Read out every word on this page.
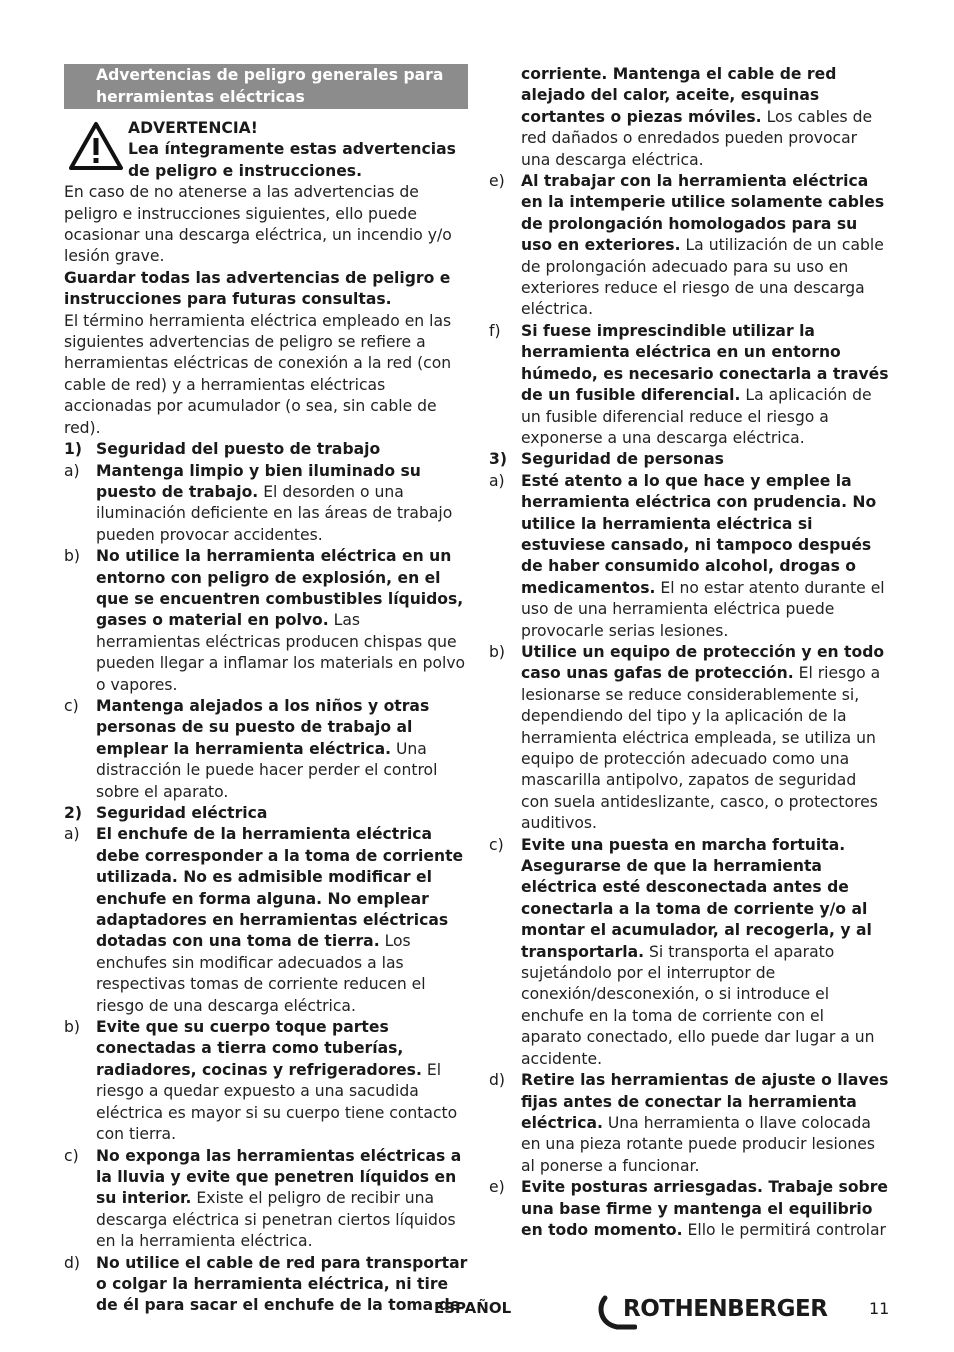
Advertencias de peligro generales para herramientas eléctricas

ADVERTENCIA!

Lea íntegramente estas advertencias de peligro e instrucciones.

En caso de no atenerse a las advertencias de peligro e instrucciones siguientes, ello puede ocasionar una descarga eléctrica, un incendio y/o lesión grave.

Guardar todas las advertencias de peligro e instrucciones para futuras consultas.

El término herramienta eléctrica empleado en las siguientes advertencias de peligro se refiere a herramientas eléctricas de conexión a la red (con cable de red) y a herramientas eléctricas accionadas por acumulador (o sea, sin cable de red).

1) Seguridad del puesto de trabajo
a) Mantenga limpio y bien iluminado su puesto de trabajo. El desorden o una iluminación deficiente en las áreas de trabajo pueden provocar accidentes.
b) No utilice la herramienta eléctrica en un entorno con peligro de explosión, en el que se encuentren combustibles líquidos, gases o material en polvo. Las herramientas eléctricas producen chispas que pueden llegar a inflamar los materials en polvo o vapores.
c) Mantenga alejados a los niños y otras personas de su puesto de trabajo al emplear la herramienta eléctrica. Una distracción le puede hacer perder el control sobre el aparato.
2) Seguridad eléctrica
a) El enchufe de la herramienta eléctrica debe corresponder a la toma de corriente utilizada. No es admisible modificar el enchufe en forma alguna. No emplear adaptadores en herramientas eléctricas dotadas con una toma de tierra. Los enchufes sin modificar adecuados a las respectivas tomas de corriente reducen el riesgo de una descarga eléctrica.
b) Evite que su cuerpo toque partes conectadas a tierra como tuberías, radiadores, cocinas y refrigeradores. El riesgo a quedar expuesto a una sacudida eléctrica es mayor si su cuerpo tiene contacto con tierra.
c) No exponga las herramientas eléctricas a la lluvia y evite que penetren líquidos en su interior. Existe el peligro de recibir una descarga eléctrica si penetran ciertos líquidos en la herramienta eléctrica.
d) No utilice el cable de red para transportar o colgar la herramienta eléctrica, ni tire de él para sacar el enchufe de la toma de
corriente. Mantenga el cable de red alejado del calor, aceite, esquinas cortantes o piezas móviles. Los cables de red dañados o enredados pueden provocar una descarga eléctrica.
e) Al trabajar con la herramienta eléctrica en la intemperie utilice solamente cables de prolongación homologados para su uso en exteriores. La utilización de un cable de prolongación adecuado para su uso en exteriores reduce el riesgo de una descarga eléctrica.
f) Si fuese imprescindible utilizar la herramienta eléctrica en un entorno húmedo, es necesario conectarla a través de un fusible diferencial. La aplicación de un fusible diferencial reduce el riesgo a exponerse a una descarga eléctrica.
3) Seguridad de personas
a) Esté atento a lo que hace y emplee la herramienta eléctrica con prudencia. No utilice la herramienta eléctrica si estuviese cansado, ni tampoco después de haber consumido alcohol, drogas o medicamentos. El no estar atento durante el uso de una herramienta eléctrica puede provocarle serias lesiones.
b) Utilice un equipo de protección y en todo caso unas gafas de protección. El riesgo a lesionarse se reduce considerablemente si, dependiendo del tipo y la aplicación de la herramienta eléctrica empleada, se utiliza un equipo de protección adecuado como una mascarilla antipolvo, zapatos de seguridad con suela antideslizante, casco, o protectores auditivos.
c) Evite una puesta en marcha fortuita. Asegurarse de que la herramienta eléctrica esté desconectada antes de conectarla a la toma de corriente y/o al montar el acumulador, al recogerla, y al transportarla. Si transporta el aparato sujetándolo por el interruptor de conexión/desconexión, o si introduce el enchufe en la toma de corriente con el aparato conectado, ello puede dar lugar a un accidente.
d) Retire las herramientas de ajuste o llaves fijas antes de conectar la herramienta eléctrica. Una herramienta o llave colocada en una pieza rotante puede producir lesiones al ponerse a funcionar.
e) Evite posturas arriesgadas. Trabaje sobre una base firme y mantenga el equilibrio en todo momento. Ello le permitirá controlar
ESPAÑOL	ROTHENBERGER	11
